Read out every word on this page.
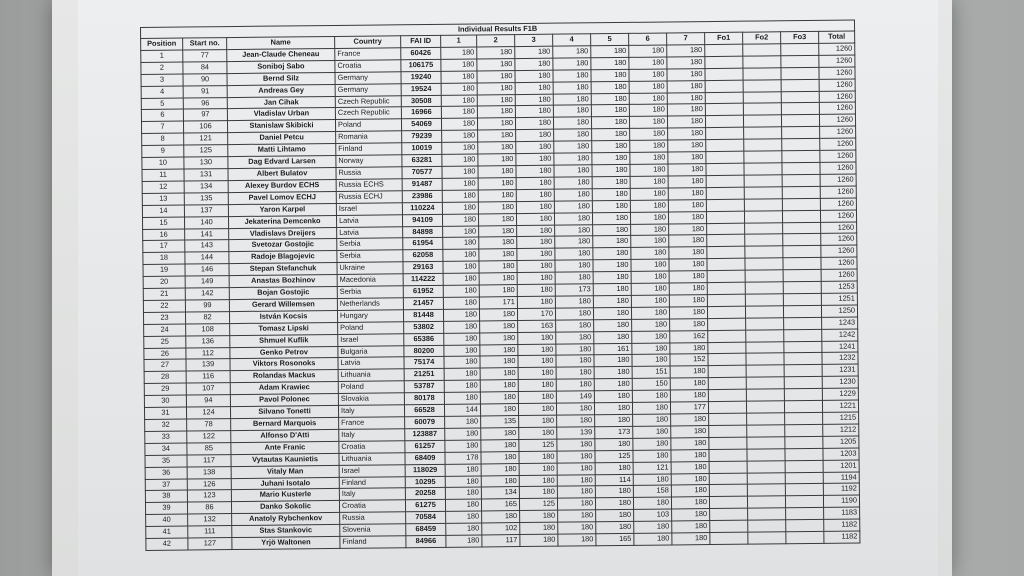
Individual Results F1B															
Position	Start no.	Name	Country	FAI ID	1	2	3	4	5	6	7	Fo1	Fo2	Fo3	Total
1	77	Jean-Claude Cheneau	France	60426	180	180	180	180	180	180	180				1260
2	84	Soniboj Sabo	Croatia	106175	180	180	180	180	180	180	180				1260
3	90	Bernd Silz	Germany	19240	180	180	180	180	180	180	180				1260
4	91	Andreas Gey	Germany	19524	180	180	180	180	180	180	180				1260
5	96	Jan Cihak	Czech Republic	30508	180	180	180	180	180	180	180				1260
6	97	Vladislav Urban	Czech Republic	16966	180	180	180	180	180	180	180				1260
7	106	Stanislaw Skibicki	Poland	54069	180	180	180	180	180	180	180				1260
8	121	Daniel Petcu	Romania	79239	180	180	180	180	180	180	180				1260
9	125	Matti Lihtamo	Finland	10019	180	180	180	180	180	180	180				1260
10	130	Dag Edvard Larsen	Norway	63281	180	180	180	180	180	180	180				1260
11	131	Albert Bulatov	Russia	70577	180	180	180	180	180	180	180				1260
12	134	Alexey Burdov ECHS	Russia ECHS	91487	180	180	180	180	180	180	180				1260
13	135	Pavel Lomov ECHJ	Russia ECHJ	23986	180	180	180	180	180	180	180				1260
14	137	Yaron Karpel	Israel	110224	180	180	180	180	180	180	180				1260
15	140	Jekaterina Demcenko	Latvia	94109	180	180	180	180	180	180	180				1260
16	141	Vladislavs Dreijers	Latvia	84898	180	180	180	180	180	180	180				1260
17	143	Svetozar Gostojic	Serbia	61954	180	180	180	180	180	180	180				1260
18	144	Radoje Blagojevic	Serbia	62058	180	180	180	180	180	180	180				1260
19	146	Stepan Stefanchuk	Ukraine	29163	180	180	180	180	180	180	180				1260
20	149	Anastas Bozhinov	Macedonia	114222	180	180	180	180	180	180	180				1260
21	142	Bojan Gostojic	Serbia	61952	180	180	180	173	180	180	180				1253
22	99	Gerard Willemsen	Netherlands	21457	180	171	180	180	180	180	180				1251
23	82	István Kocsis	Hungary	81448	180	180	170	180	180	180	180				1250
24	108	Tomasz Lipski	Poland	53802	180	180	163	180	180	180	180				1243
25	136	Shmuel Kuflik	Israel	65386	180	180	180	180	180	180	162				1242
26	112	Genko Petrov	Bulgaria	80200	180	180	180	180	161	180	180				1241
27	139	Viktors Rosonoks	Latvia	75174	180	180	180	180	180	180	152				1232
28	116	Rolandas Mackus	Lithuania	21251	180	180	180	180	180	151	180				1231
29	107	Adam Krawiec	Poland	53787	180	180	180	180	180	150	180				1230
30	94	Pavol Polonec	Slovakia	80178	180	180	180	149	180	180	180				1229
31	124	Silvano Tonetti	Italy	66528	144	180	180	180	180	180	177				1221
32	78	Bernard Marquois	France	60079	180	135	180	180	180	180	180				1215
33	122	Alfonso D'Atti	Italy	123887	180	180	180	139	173	180	180				1212
34	85	Ante Franic	Croatia	61257	180	180	125	180	180	180	180				1205
35	117	Vytautas Kaunietis	Lithuania	68409	178	180	180	180	125	180	180				1203
36	138	Vitaly Man	Israel	118029	180	180	180	180	180	121	180				1201
37	126	Juhani Isotalo	Finland	10295	180	180	180	180	114	180	180				1194
38	123	Mario Kusterle	Italy	20258	180	134	180	180	180	158	180				1192
39	86	Danko Sokolic	Croatia	61275	180	165	125	180	180	180	180				1190
40	132	Anatoly Rybchenkov	Russia	70584	180	180	180	180	180	103	180				1183
41	111	Stas Stankovic	Slovenia	68459	180	102	180	180	180	180	180				1182
42	127	Yrjö Waltonen	Finland	84966	180	117	180	180	165	180	180				1182
